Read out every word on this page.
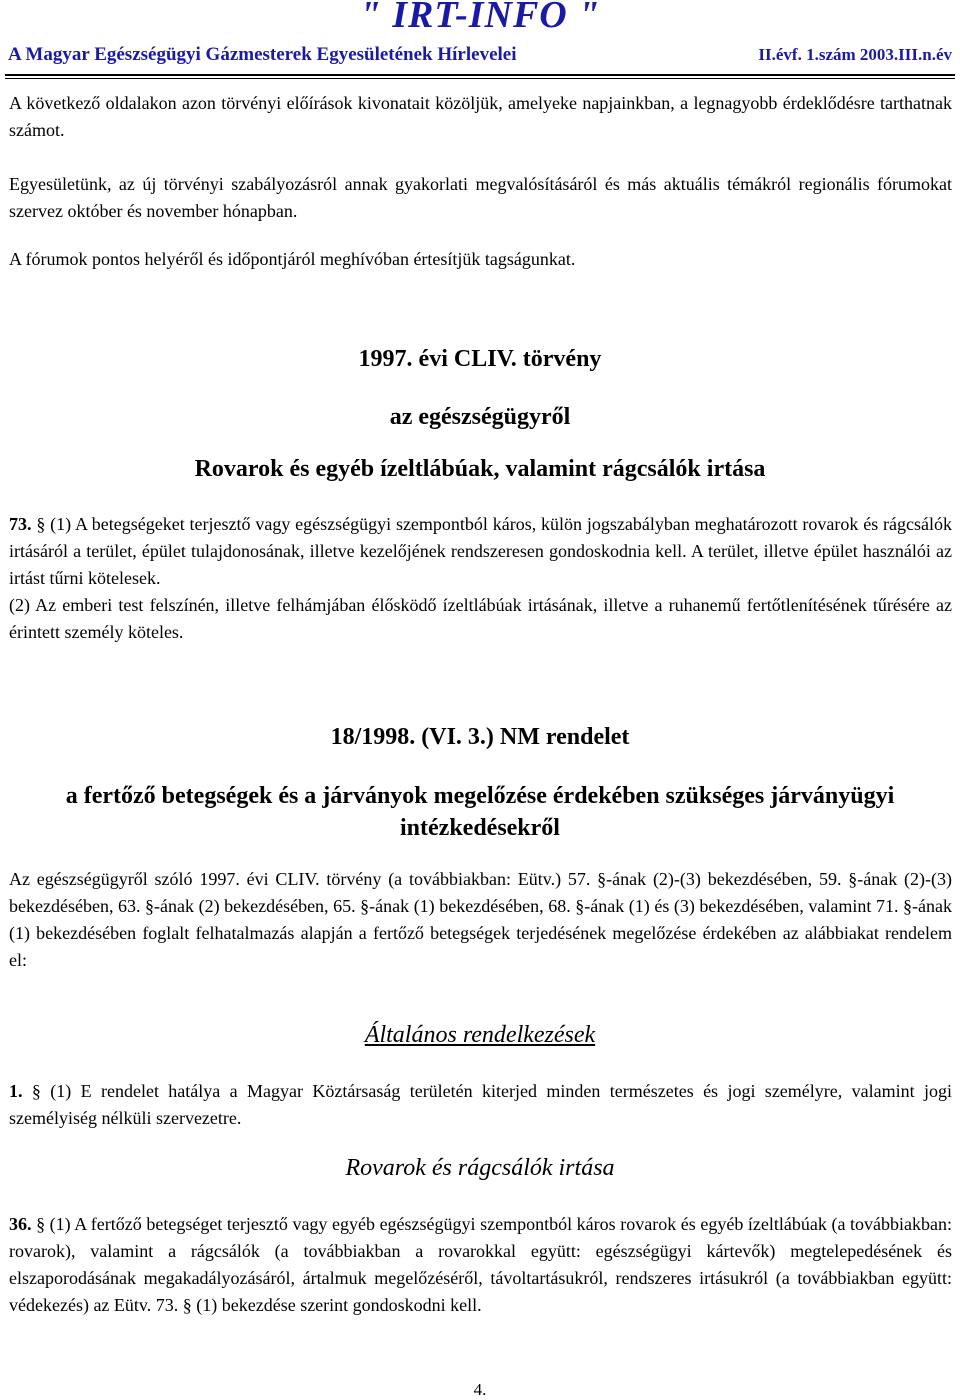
" IRT-INFO "
A Magyar Egészségügyi Gázmesterek Egyesületének Hírlevelei	II.évf. 1.szám 2003.III.n.év
A következő oldalakon azon törvényi előírások kivonatait közöljük, amelyeke napjainkban, a legnagyobb érdeklődésre tarthatnak számot.
Egyesületünk, az új törvényi szabályozásról annak gyakorlati megvalósításáról és más aktuális témákról regionális fórumokat szervez október és november hónapban.
A fórumok pontos helyéről és időpontjáról meghívóban értesítjük tagságunkat.
1997. évi CLIV. törvény
az egészségügyről
Rovarok és egyéb ízeltlábúak, valamint rágcsálók irtása
73. § (1) A betegségeket terjesztő vagy egészségügyi szempontból káros, külön jogszabályban meghatározott rovarok és rágcsálók irtásáról a terület, épület tulajdonosának, illetve kezelőjének rendszeresen gondoskodnia kell. A terület, illetve épület használói az irtást tűrni kötelesek.
(2) Az emberi test felszínén, illetve felhámjában élősködő ízeltlábúak irtásának, illetve a ruhanemű fertőtlenítésének tűrésére az érintett személy köteles.
18/1998. (VI. 3.) NM rendelet
a fertőző betegségek és a járványok megelőzése érdekében szükséges járványügyi intézkedésekről
Az egészségügyről szóló 1997. évi CLIV. törvény (a továbbiakban: Eütv.) 57. §-ának (2)-(3) bekezdésében, 59. §-ának (2)-(3) bekezdésében, 63. §-ának (2) bekezdésében, 65. §-ának (1) bekezdésében, 68. §-ának (1) és (3) bekezdésében, valamint 71. §-ának (1) bekezdésében foglalt felhatalmazás alapján a fertőző betegségek terjedésének megelőzése érdekében az alábbiakat rendelem el:
Általános rendelkezések
1. § (1) E rendelet hatálya a Magyar Köztársaság területén kiterjed minden természetes és jogi személyre, valamint jogi személyiség nélküli szervezetre.
Rovarok és rágcsálók irtása
36. § (1) A fertőző betegséget terjesztő vagy egyéb egészségügyi szempontból káros rovarok és egyéb ízeltlábúak (a továbbiakban: rovarok), valamint a rágcsálók (a továbbiakban a rovarokkal együtt: egészségügyi kártevők) megtelepedésének és elszaporodásának megakadályozásáról, ártalmuk megelőzéséről, távoltartásukról, rendszeres irtásukról (a továbbiakban együtt: védekezés) az Eütv. 73. § (1) bekezdése szerint gondoskodni kell.
4.
